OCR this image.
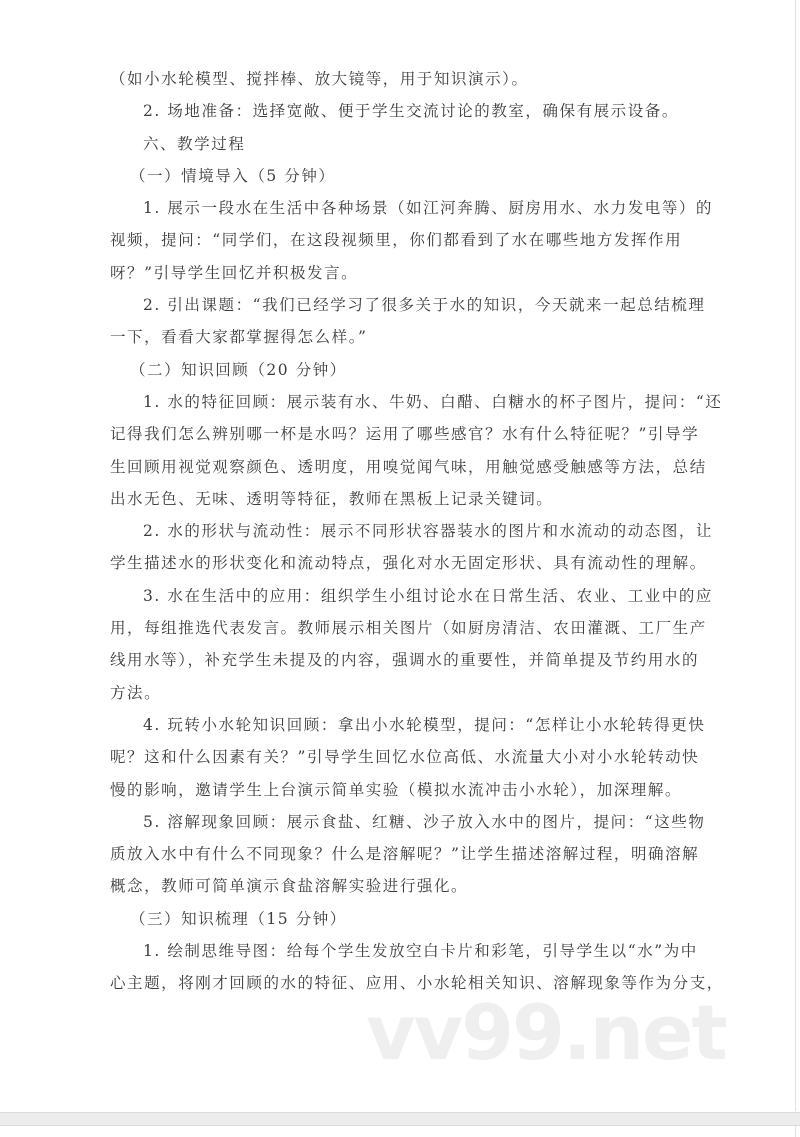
（如小水轮模型、搅拌棒、放大镜等，用于知识演示）。
2. 场地准备：选择宽敞、便于学生交流讨论的教室，确保有展示设备。
六、教学过程
（一）情境导入（5 分钟）
1. 展示一段水在生活中各种场景（如江河奔腾、厨房用水、水力发电等）的
视频，提问：“同学们，在这段视频里，你们都看到了水在哪些地方发挥作用
呀？”引导学生回忆并积极发言。
2. 引出课题：“我们已经学习了很多关于水的知识，今天就来一起总结梳理
一下，看看大家都掌握得怎么样。”
（二）知识回顾（20 分钟）
1. 水的特征回顾：展示装有水、牛奶、白醋、白糖水的杯子图片，提问：“还
记得我们怎么辨别哪一杯是水吗？运用了哪些感官？水有什么特征呢？”引导学
生回顾用视觉观察颜色、透明度，用嗅觉闻气味，用触觉感受触感等方法，总结
出水无色、无味、透明等特征，教师在黑板上记录关键词。
2. 水的形状与流动性：展示不同形状容器装水的图片和水流动的动态图，让
学生描述水的形状变化和流动特点，强化对水无固定形状、具有流动性的理解。
3. 水在生活中的应用：组织学生小组讨论水在日常生活、农业、工业中的应
用，每组推选代表发言。教师展示相关图片（如厨房清洁、农田灌溉、工厂生产
线用水等），补充学生未提及的内容，强调水的重要性，并简单提及节约用水的
方法。
4. 玩转小水轮知识回顾：拿出小水轮模型，提问：“怎样让小水轮转得更快
呢？这和什么因素有关？”引导学生回忆水位高低、水流量大小对小水轮转动快
慢的影响，邀请学生上台演示简单实验（模拟水流冲击小水轮），加深理解。
5. 溶解现象回顾：展示食盐、红糖、沙子放入水中的图片，提问：“这些物
质放入水中有什么不同现象？什么是溶解呢？”让学生描述溶解过程，明确溶解
概念，教师可简单演示食盐溶解实验进行强化。
（三）知识梳理（15 分钟）
1. 绘制思维导图：给每个学生发放空白卡片和彩笔，引导学生以“水”为中
心主题，将刚才回顾的水的特征、应用、小水轮相关知识、溶解现象等作为分支，
vv99.net
